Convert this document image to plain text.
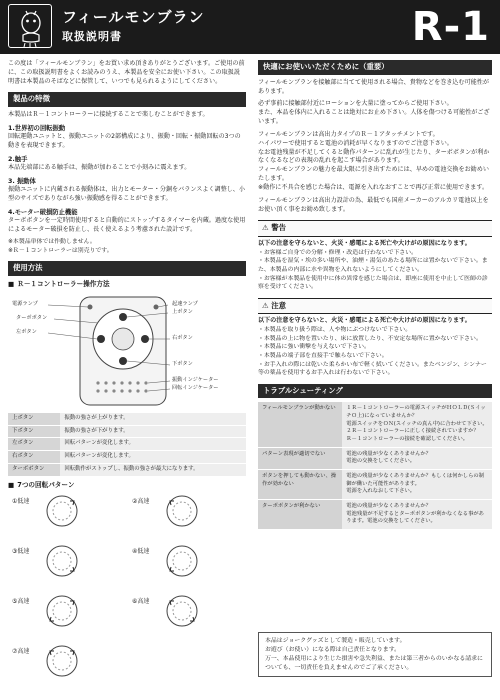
フィールモンブラン
取扱説明書	R-1

この度は「フィールモンブラン」をお買い求め頂きありがとうございます。ご使用の前に、この取扱説明書をよくお読みのうえ、本製品を安全にお使い下さい。この取扱説明書は本製品のそばなどに保管して、いつでも見られるようにしてください。

製品の特徴

本製品はＲ－１コントローラーに接続することで楽しむことができます。

1.世界初の回転振動

回転運動ユニットと、振動ユニットの2部構成により、振動・回転・振動回転の3つの動きを表現できます。

2.触手

本品先端部にある触手は、振動が加わることで小刻みに震えます。

3. 振動体

振動ユニットに内蔵される振動体は、出力とモーター・分銅をバランスよく調整し、小型のサイズでありながら強い振動感を得ることができます。

4.モーター破損防止機能

ターボボタンを一定時間使用すると自動的にストップするタイマーを内蔵。過度な使用によるモーター破損を防止し、長く使えるよう考慮された設計です。

※本製品単体では作動しません。
※Ｒ－１コントローラーは別売りです。
使用方法
■ Ｒ－１コントローラー操作方法
電源ランプ
ターボボタン
左ボタン
起速ランプ
上ボタン
右ボタン
下ボタン
振動インジケーター
回転インジケーター
上ボタン	振動の強さが上がります。
下ボタン	振動の強さが下がります。
左ボタン	回転パターンが変化します。
右ボタン	回転パターンが変化します。
ターボボタン	回転動作がストップし、振動の強さが最大になります。
■ 7つの回転パターン
①低速	②高速
③低速	④低速
⑤高速	⑥高速
⑦高速
快適にお使いいただくために（重要）

フィールモンブランを接触部に当てて使用される場合、貴物などを巻き込む可能性があります。

必ず事前に接触部付近にローションを大量に塗ってからご使用下さい。

また、本品を体内に入れることは絶対にお止め下さい。人体を傷つける可能性がございます。

フィールモンブランは高出力タイプのＲ－１アタッチメントです。

ハイパワーで使用すると電池の消耗が早くなりますのでご注意下さい。

なお電池残量が不足してくると動作パターンに乱れが生じたり、ターボボタンが利かなくなるなどの表現の乱れを起こす場合があります。

フィールモンブランの魅力を最大限に引き出すためには、早めの電池交換をお勧めいたします。

※動作に不具合を感じた場合は、電源を入れなおすことで再び正常に使用できます。

フィールモンブランは高出力設計の為、最低でも国産メーカーのアルカリ電池以上をお使い頂く事をお勧め致します。

⚠ 警告
以下の注意を守らないと、火災・感電による死亡や大けがの原因になります。
・お客様ご自身での分解・修理・改造は行わないで下さい。
・本製品を湿気・埃の多い場所や、油煙・湯気のあたる場所には置かないで下さい。また、本製品の内部に水や異物を入れないようにしてください。
・お客様が本製品を使用中に体の異常を感じた場合は、即座に使用を中止して医師の診察を受けてください。
⚠ 注意
以下の注意を守らないと、火災・感電による死亡や大けがの原因になります。
・本製品を取り扱う際は、人や物にぶつけないで下さい。
・本製品の上に物を置いたり、床に放置したり、不安定な場所に置かないで下さい。
・本製品に強い衝撃を与えないで下さい。
・本製品の端子部を直接手で触らないで下さい。
・お手入れの際には乾いた柔らかい布で軽く拭いてください。またベンジン、シンナー等の薬品を使用するお手入れは行わないで下さい。
トラブルシューティング
フィールモンブランが動かない	１Ｒ－１コントローラーの電源スイッチがＨＯＬＤ(ＳイッチＯ上)になっていませんか？
電源スイッチをＯＮ(スイッチの真ん中)に合わせて下さい。
２Ｒ－１コントローラーに正しく接続されていますか？
Ｒ－１コントローラーの接続を確認してください。
パターン表現が適切でない	電池の残量が少なくありませんか？
電池の交換をしてください。
ボタンを押しても動かない、操作が効かない	電池の残量が少なくありませんか？もしくは何かしらの制御が働いた可能性があります。
電源を入れなおして下さい。
ターボボタンが利かない	電池の残量が少なくありませんか？
電池残量が不足するとターボボタンが利かなくなる事があります。電池の交換をしてください。
本品はジョークグッズとして製造・販売しています。
お遊び（お使い）になる際は自己責任となります。
万一、本品使用により生じた損害や急失利益、または第三者からのいかなる請求についても、一切責任を負えませんのでご了承ください。
